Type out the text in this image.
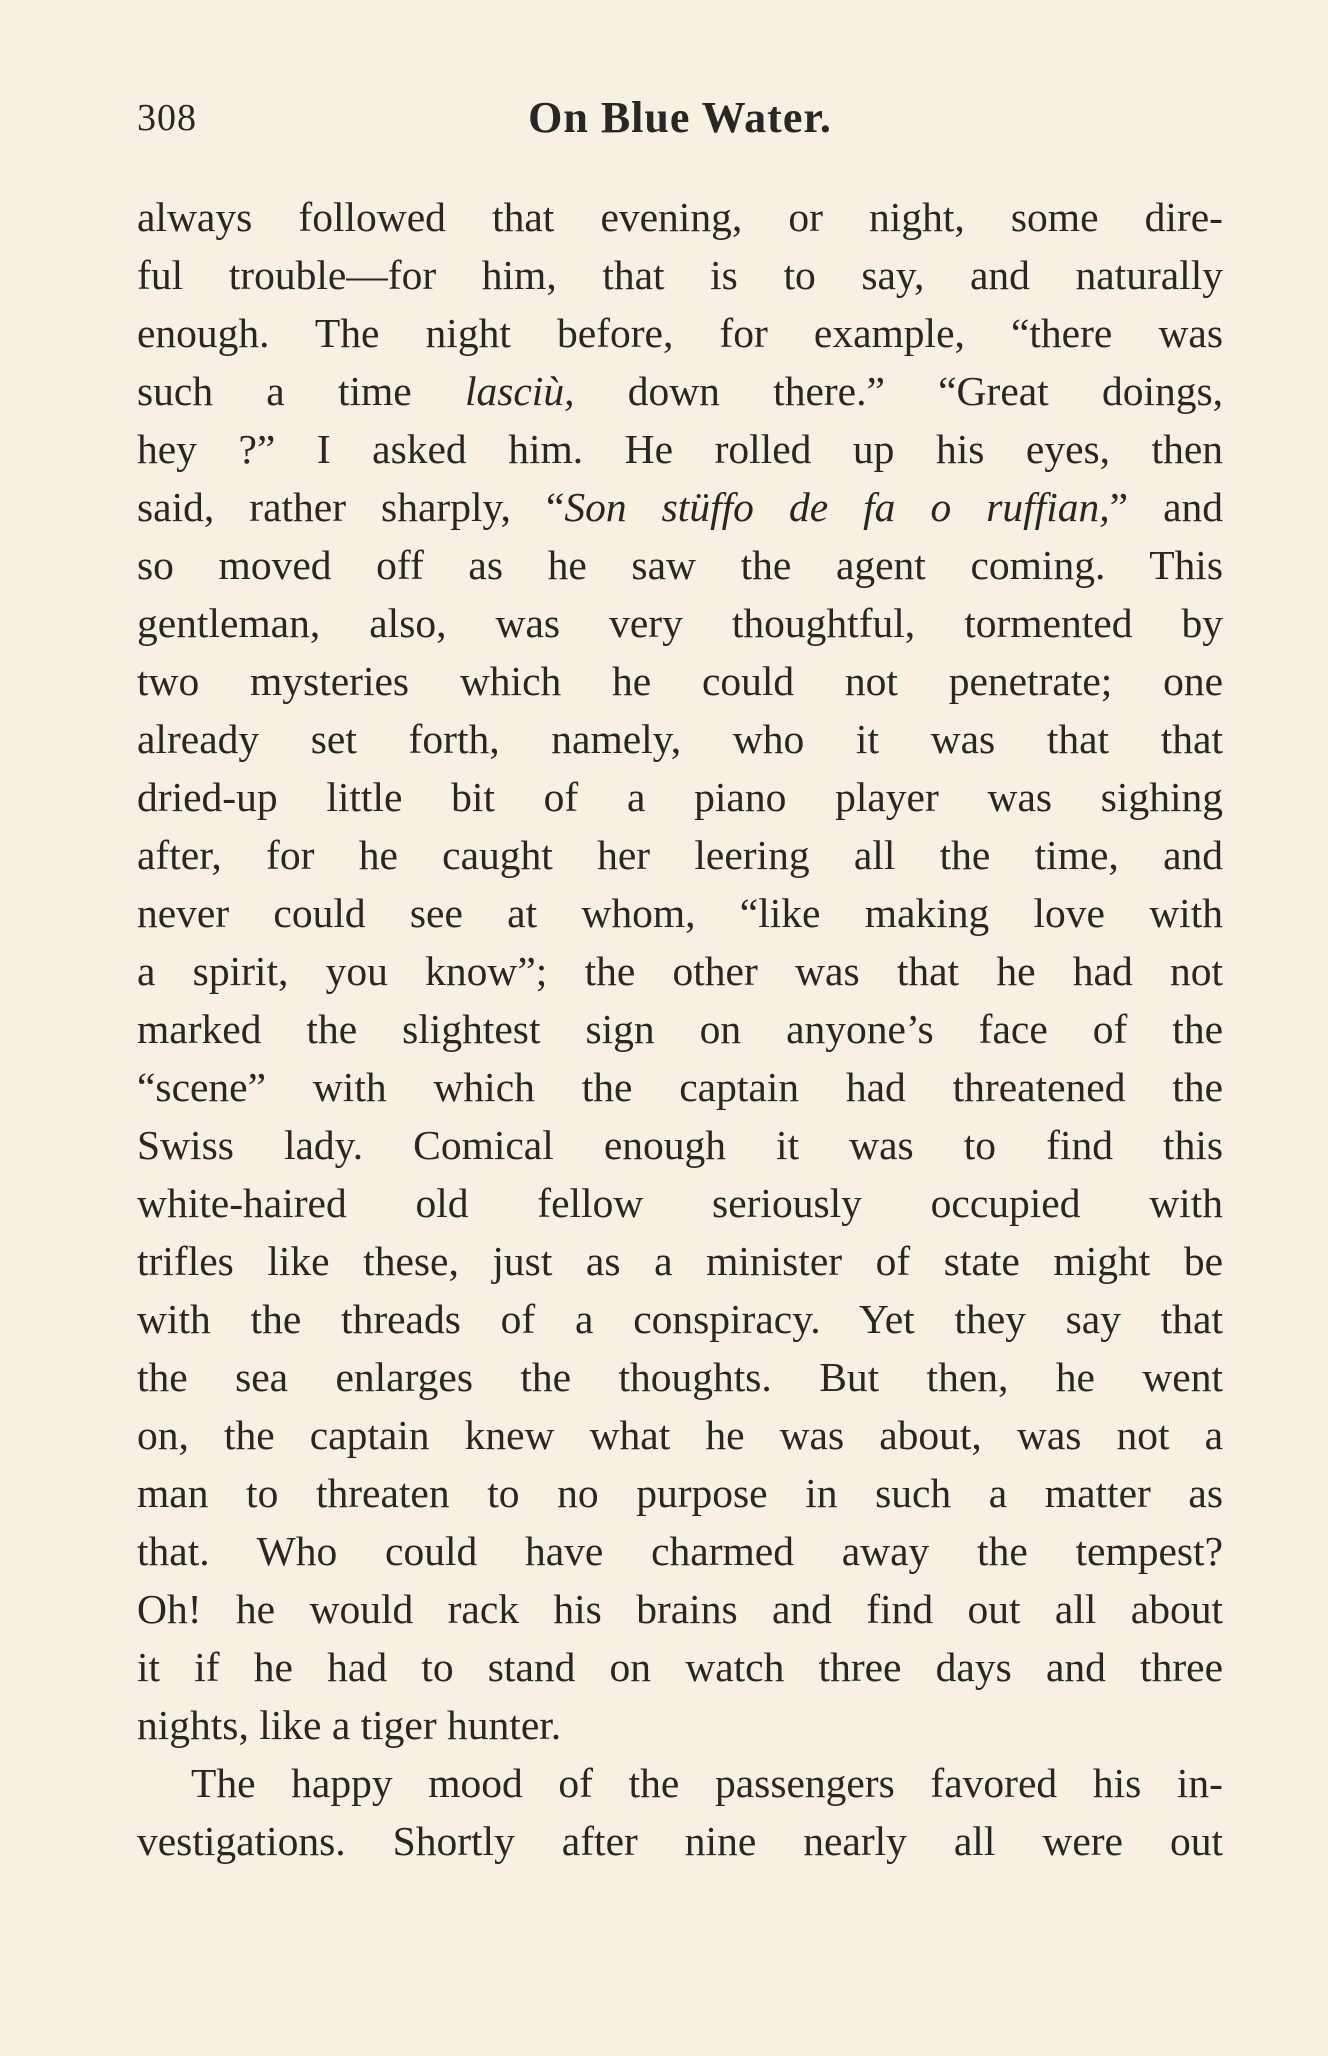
308	On Blue Water.
always followed that evening, or night, some dire-
ful trouble—for him, that is to say, and naturally
enough. The night before, for example, “there was
such a time lasciù, down there.” “Great doings,
hey ?” I asked him. He rolled up his eyes, then
said, rather sharply, “Son stüffo de fa o ruffian,” and
so moved off as he saw the agent coming. This
gentleman, also, was very thoughtful, tormented by
two mysteries which he could not penetrate; one
already set forth, namely, who it was that that
dried-up little bit of a piano player was sighing
after, for he caught her leering all the time, and
never could see at whom, “like making love with
a spirit, you know”; the other was that he had not
marked the slightest sign on anyone’s face of the
“scene” with which the captain had threatened the
Swiss lady. Comical enough it was to find this
white-haired old fellow seriously occupied with
trifles like these, just as a minister of state might be
with the threads of a conspiracy. Yet they say that
the sea enlarges the thoughts. But then, he went
on, the captain knew what he was about, was not a
man to threaten to no purpose in such a matter as
that. Who could have charmed away the tempest?
Oh! he would rack his brains and find out all about
it if he had to stand on watch three days and three
nights, like a tiger hunter.
The happy mood of the passengers favored his in-
vestigations. Shortly after nine nearly all were out
